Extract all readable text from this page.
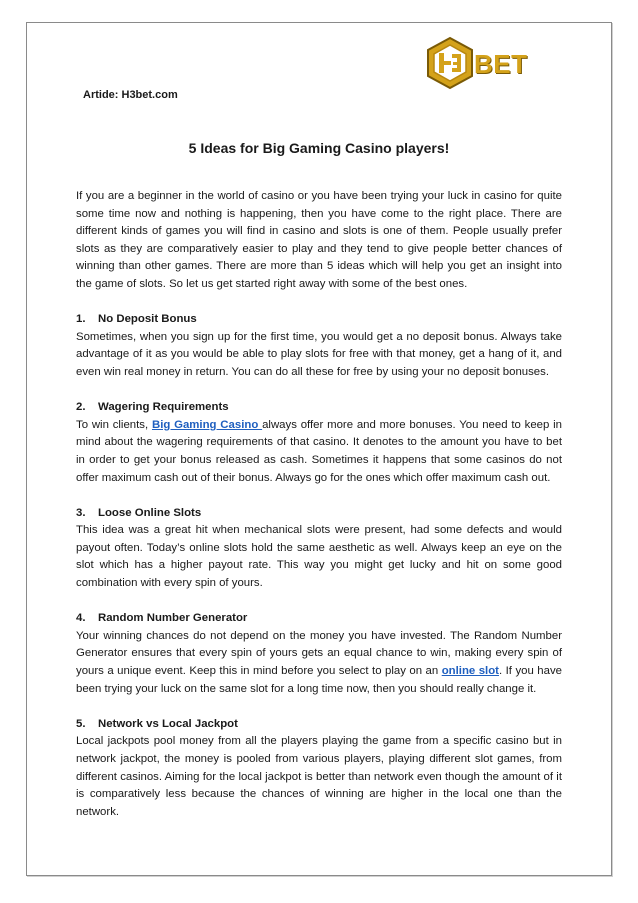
BET
Artide: H3bet.com
5 Ideas for Big Gaming Casino players!

If you are a beginner in the world of casino or you have been trying your luck in casino for quite some time now and nothing is happening, then you have come to the right place. There are different kinds of games you will find in casino and slots is one of them. People usually prefer slots as they are comparatively easier to play and they tend to give people better chances of winning than other games. There are more than 5 ideas which will help you get an insight into the game of slots. So let us get started right away with some of the best ones.

1. No Deposit Bonus

Sometimes, when you sign up for the first time, you would get a no deposit bonus. Always take advantage of it as you would be able to play slots for free with that money, get a hang of it, and even win real money in return. You can do all these for free by using your no deposit bonuses.

2. Wagering Requirements

To win clients, Big Gaming Casino always offer more and more bonuses. You need to keep in mind about the wagering requirements of that casino. It denotes to the amount you have to bet in order to get your bonus released as cash. Sometimes it happens that some casinos do not offer maximum cash out of their bonus. Always go for the ones which offer maximum cash out.

3. Loose Online Slots

This idea was a great hit when mechanical slots were present, had some defects and would payout often. Today’s online slots hold the same aesthetic as well. Always keep an eye on the slot which has a higher payout rate. This way you might get lucky and hit on some good combination with every spin of yours.

4. Random Number Generator

Your winning chances do not depend on the money you have invested. The Random Number Generator ensures that every spin of yours gets an equal chance to win, making every spin of yours a unique event. Keep this in mind before you select to play on an online slot. If you have been trying your luck on the same slot for a long time now, then you should really change it.

5. Network vs Local Jackpot

Local jackpots pool money from all the players playing the game from a specific casino but in network jackpot, the money is pooled from various players, playing different slot games, from different casinos. Aiming for the local jackpot is better than network even though the amount of it is comparatively less because the chances of winning are higher in the local one than the network.
